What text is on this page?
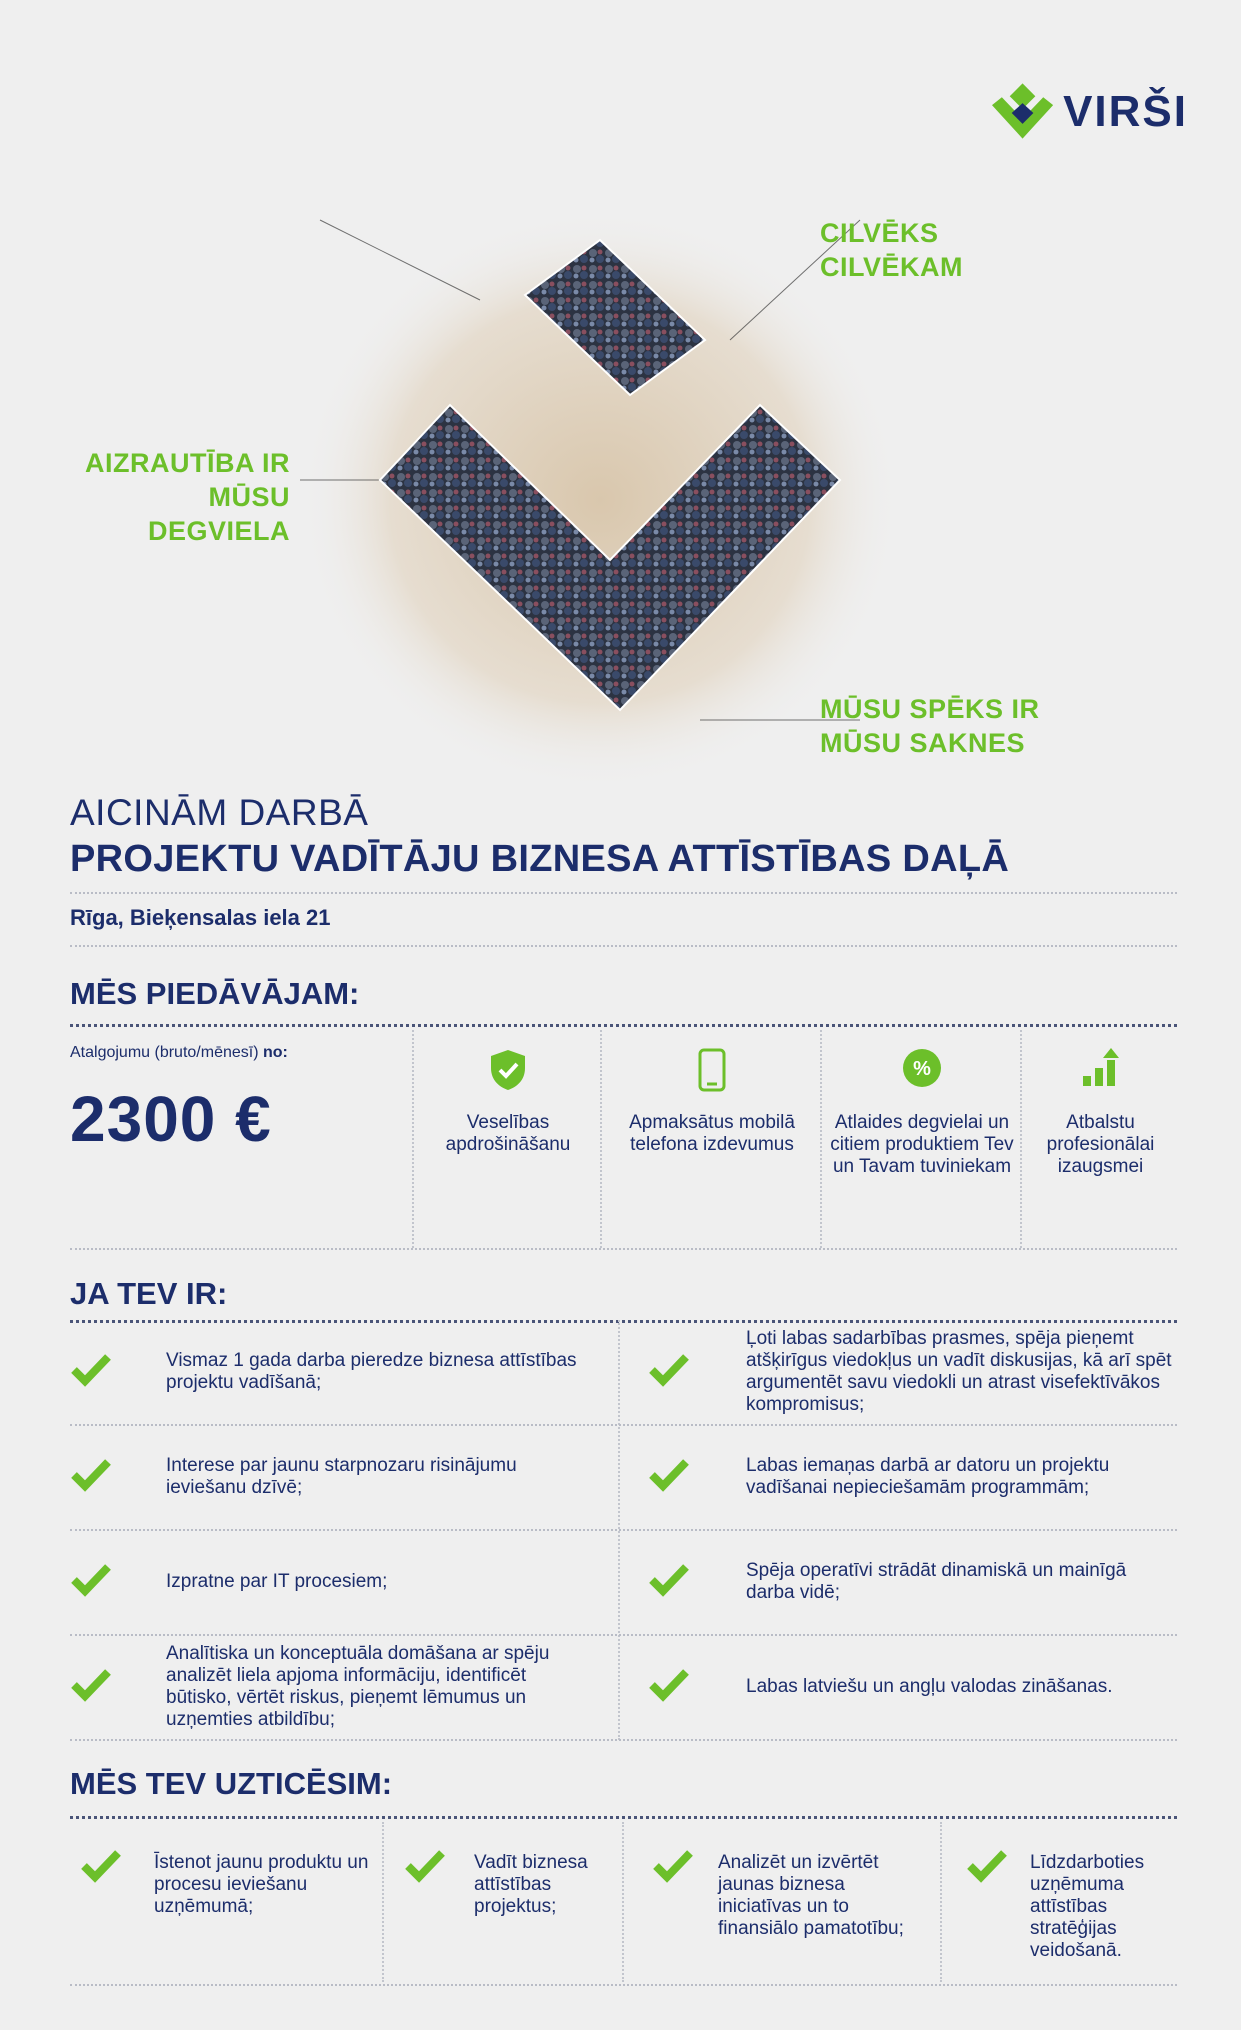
VIRŠI
CILVĒKS
CILVĒKAM
AIZRAUTĪBA IR
MŪSU DEGVIELA
MŪSU SPĒKS IR
MŪSU SAKNES
AICINĀM DARBĀ
PROJEKTU VADĪTĀJU BIZNESA ATTĪSTĪBAS DAĻĀ
Rīga, Bieķensalas iela 21
MĒS PIEDĀVĀJAM:
Atalgojumu (bruto/mēnesī) no:
2300 €	Veselības apdrošināšanu
Apmaksātus mobilā telefona izdevumus
%
Atlaides degvielai un citiem produktiem Tev un Tavam tuviniekam
Atbalstu profesionālai izaugsmei
JA TEV IR:
Vismaz 1 gada darba pieredze biznesa attīstības projektu vadīšanā;
Ļoti labas sadarbības prasmes, spēja pieņemt atšķirīgus viedokļus un vadīt diskusijas, kā arī spēt argumentēt savu viedokli un atrast visefektīvākos kompromisus;
Interese par jaunu starpnozaru risinājumu ieviešanu dzīvē;
Labas iemaņas darbā ar datoru un projektu vadīšanai nepieciešamām programmām;
Izpratne par IT procesiem;
Spēja operatīvi strādāt dinamiskā un mainīgā darba vidē;
Analītiska un konceptuāla domāšana ar spēju analizēt liela apjoma informāciju, identificēt būtisko, vērtēt riskus, pieņemt lēmumus un uzņemties atbildību;
Labas latviešu un angļu valodas zināšanas.
MĒS TEV UZTICĒSIM:
Īstenot jaunu produktu un procesu ieviešanu uzņēmumā;
Vadīt biznesa attīstības projektus;
Analizēt un izvērtēt jaunas biznesa iniciatīvas un to finansiālo pamatotību;
Līdzdarboties uzņēmuma attīstības stratēģijas veidošanā.
